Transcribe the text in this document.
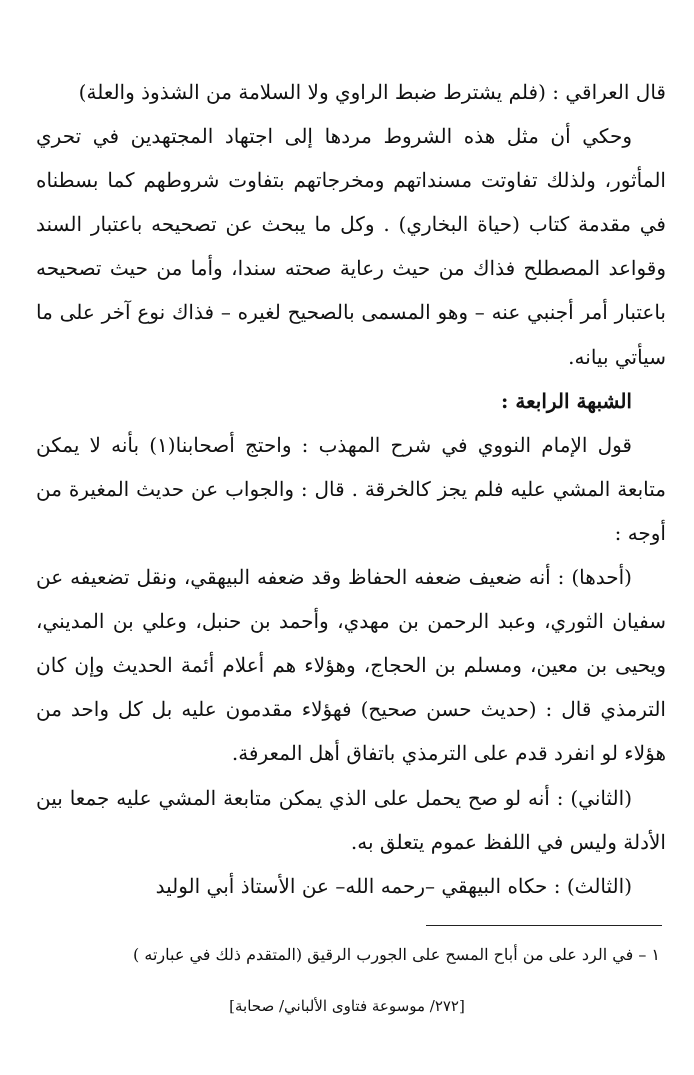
قال العراقي : (فلم يشترط ضبط الراوي ولا السلامة من الشذوذ والعلة)

وحكي أن مثل هذه الشروط مردها إلى اجتهاد المجتهدين في تحري المأثور، ولذلك تفاوتت مسنداتهم ومخرجاتهم بتفاوت شروطهم كما بسطناه في مقدمة كتاب (حياة البخاري) . وكل ما يبحث عن تصحيحه باعتبار السند وقواعد المصطلح فذاك من حيث رعاية صحته سندا، وأما من حيث تصحيحه باعتبار أمر أجنبي عنه – وهو المسمى بالصحيح لغيره – فذاك نوع آخر على ما سيأتي بيانه.

الشبهة الرابعة :

قول الإمام النووي في شرح المهذب : واحتج أصحابنا(١) بأنه لا يمكن متابعة المشي عليه فلم يجز كالخرقة . قال : والجواب عن حديث المغيرة من أوجه :

(أحدها) : أنه ضعيف ضعفه الحفاظ وقد ضعفه البيهقي، ونقل تضعيفه عن سفيان الثوري، وعبد الرحمن بن مهدي، وأحمد بن حنبل، وعلي بن المديني، ويحيى بن معين، ومسلم بن الحجاج، وهؤلاء هم أعلام أئمة الحديث وإن كان الترمذي قال : (حديث حسن صحيح) فهؤلاء مقدمون عليه بل كل واحد من هؤلاء لو انفرد قدم على الترمذي باتفاق أهل المعرفة.

(الثاني) : أنه لو صح يحمل على الذي يمكن متابعة المشي عليه جمعا بين الأدلة وليس في اللفظ عموم يتعلق به.

(الثالث) : حكاه البيهقي –رحمه الله– عن الأستاذ أبي الوليد

١ – في الرد على من أباح المسح على الجورب الرقيق (المتقدم ذلك في عبارته )
[٢٧٢/ موسوعة فتاوى الألباني/ صحابة]
